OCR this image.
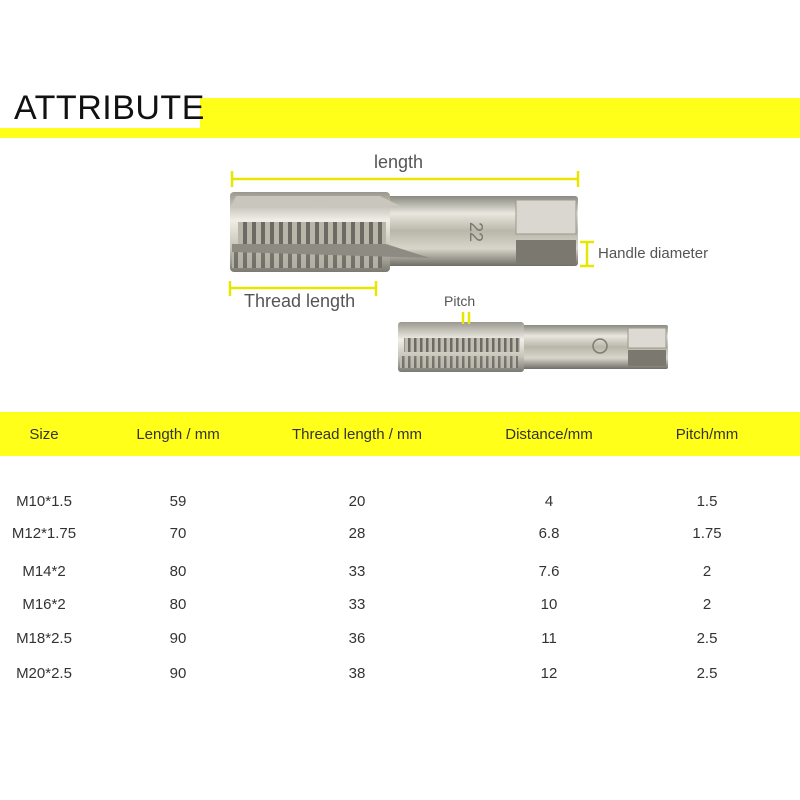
ATTRIBUTE
22
length
Handle diameter
Thread length	Pitch
Size	Length / mm	Thread length / mm	Distance/mm	Pitch/mm
M10*1.5	59	20	4	1.5
M12*1.75	70	28	6.8	1.75
M14*2	80	33	7.6	2
M16*2	80	33	10	2
M18*2.5	90	36	11	2.5
M20*2.5	90	38	12	2.5
